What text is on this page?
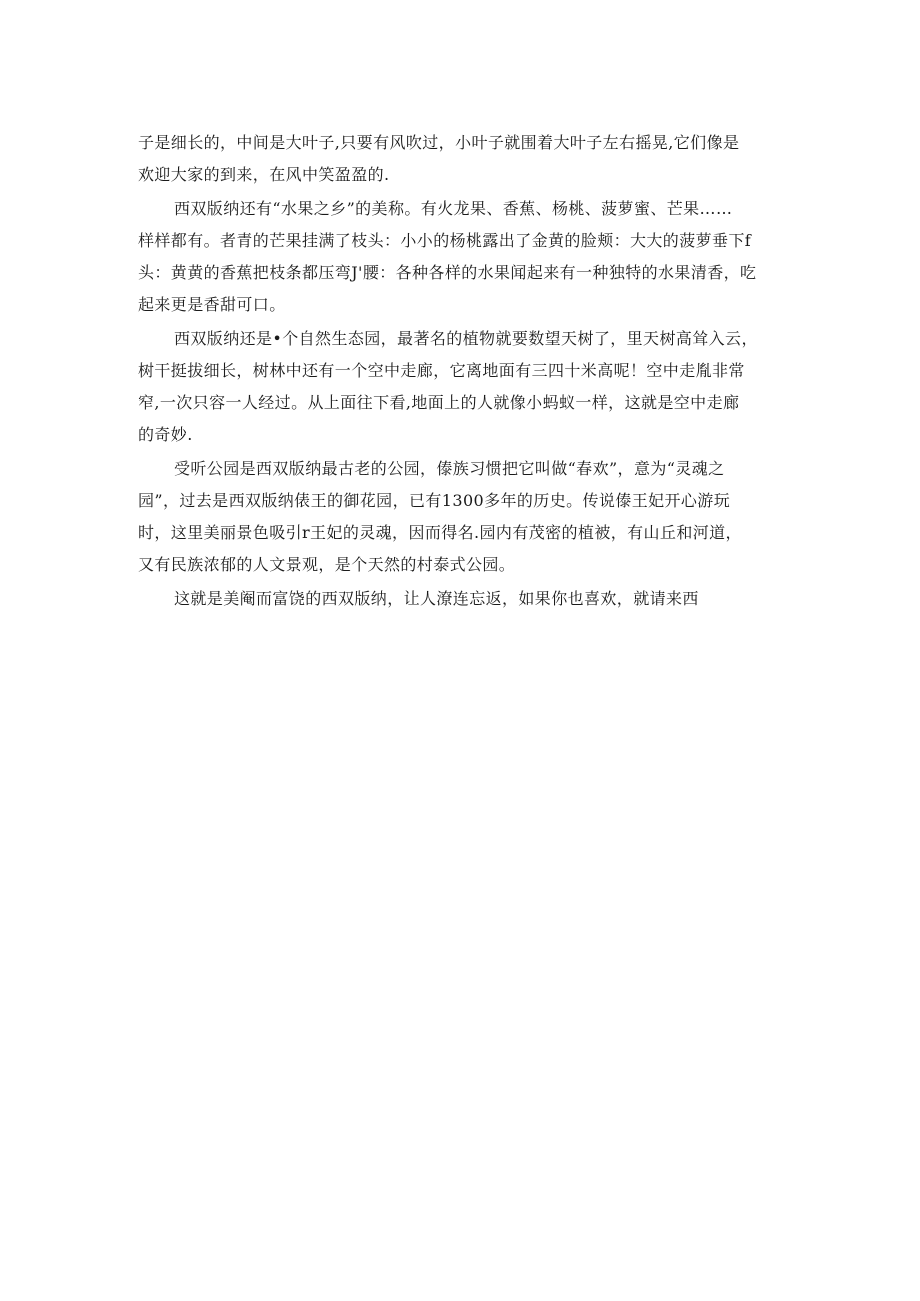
子是细长的，中间是大叶子,只要有风吹过，小叶子就围着大叶子左右摇晃,它们像是
欢迎大家的到来，在风中笑盈盈的.
西双版纳还有“水果之乡”的美称。有火龙果、香蕉、杨桃、菠萝蜜、芒果……
样样都有。者青的芒果挂满了枝头：小小的杨桃露出了金黄的脸颊：大大的菠萝垂下f
头：黄黄的香蕉把枝条都压弯J'腰：各种各样的水果闻起来有一种独特的水果清香，吃
起来更是香甜可口。
西双版纳还是•个自然生态园，最著名的植物就要数望天树了，里天树高耸入云，
树干挺拔细长，树林中还有一个空中走廊，它离地面有三四十米高呢！空中走胤非常
窄,一次只容一人经过。从上面往下看,地面上的人就像小蚂蚁一样，这就是空中走廊
的奇妙.
受听公园是西双版纳最古老的公园，傣族习惯把它叫做“春欢”，意为“灵魂之
园”，过去是西双版纳俵王的御花园，已有1300多年的历史。传说傣王妃开心游玩
时，这里美丽景色吸引r王妃的灵魂，因而得名.园内有茂密的植被，有山丘和河道，
又有民族浓郁的人文景观，是个天然的村泰式公园。
这就是美阉而富饶的西双版纳，让人潦连忘返，如果你也喜欢，就请来西
